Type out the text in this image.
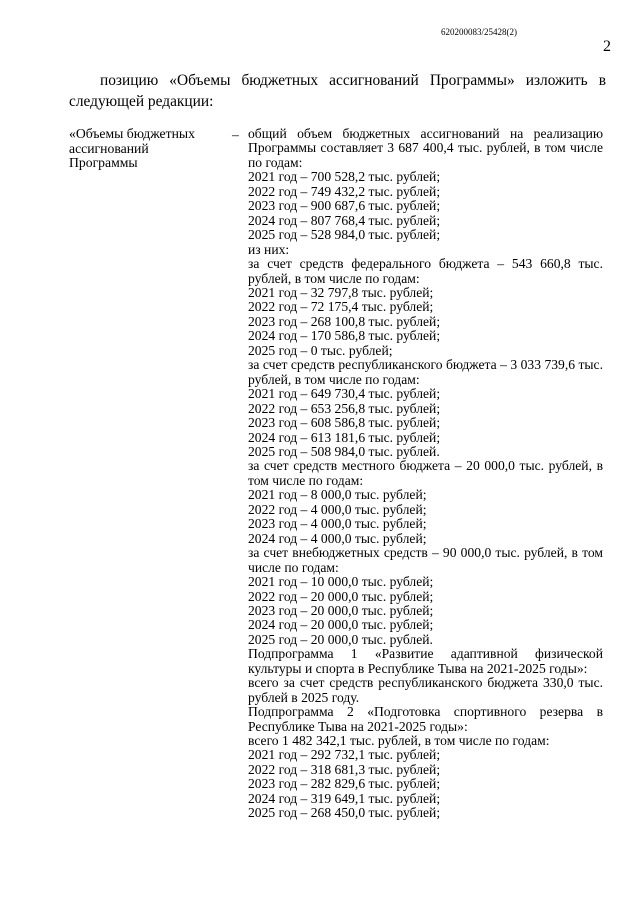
620200083/25428(2)
2

позицию «Объемы бюджетных ассигнований Программы» изложить в следующей редакции:

«Объемы бюджетных ассигнований Программы
– общий объем бюджетных ассигнований на реализацию Программы составляет 3 687 400,4 тыс. рублей, в том числе по годам:
2021 год – 700 528,2 тыс. рублей;
2022 год – 749 432,2 тыс. рублей;
2023 год – 900 687,6 тыс. рублей;
2024 год – 807 768,4 тыс. рублей;
2025 год – 528 984,0 тыс. рублей;
из них:
за счет средств федерального бюджета – 543 660,8 тыс. рублей, в том числе по годам:
2021 год – 32 797,8 тыс. рублей;
2022 год – 72 175,4 тыс. рублей;
2023 год – 268 100,8 тыс. рублей;
2024 год – 170 586,8 тыс. рублей;
2025 год – 0 тыс. рублей;
за счет средств республиканского бюджета – 3 033 739,6 тыс. рублей, в том числе по годам:
2021 год – 649 730,4 тыс. рублей;
2022 год – 653 256,8 тыс. рублей;
2023 год – 608 586,8 тыс. рублей;
2024 год – 613 181,6 тыс. рублей;
2025 год – 508 984,0 тыс. рублей.
за счет средств местного бюджета – 20 000,0 тыс. рублей, в том числе по годам:
2021 год – 8 000,0 тыс. рублей;
2022 год – 4 000,0 тыс. рублей;
2023 год – 4 000,0 тыс. рублей;
2024 год – 4 000,0 тыс. рублей;
за счет внебюджетных средств – 90 000,0 тыс. рублей, в том числе по годам:
2021 год – 10 000,0 тыс. рублей;
2022 год – 20 000,0 тыс. рублей;
2023 год – 20 000,0 тыс. рублей;
2024 год – 20 000,0 тыс. рублей;
2025 год – 20 000,0 тыс. рублей.
Подпрограмма 1 «Развитие адаптивной физической культуры и спорта в Республике Тыва на 2021-2025 годы»:
всего за счет средств республиканского бюджета 330,0 тыс. рублей в 2025 году.
Подпрограмма 2 «Подготовка спортивного резерва в Республике Тыва на 2021-2025 годы»:
всего 1 482 342,1 тыс. рублей, в том числе по годам:
2021 год – 292 732,1 тыс. рублей;
2022 год – 318 681,3 тыс. рублей;
2023 год – 282 829,6 тыс. рублей;
2024 год – 319 649,1 тыс. рублей;
2025 год – 268 450,0 тыс. рублей;
